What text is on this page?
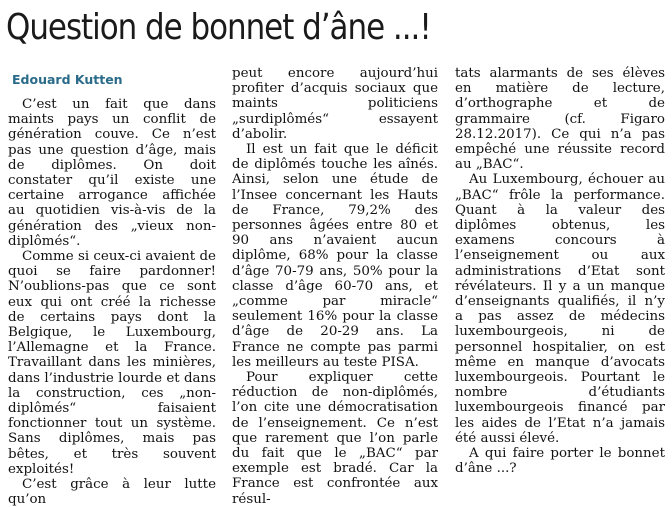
Question de bonnet d’âne ...!
Edouard Kutten

C’est un fait que dans maints pays un conflit de génération couve. Ce n’est pas une question d’âge, mais de diplômes. On doit constater qu’il existe une certaine arrogance affichée au quotidien vis-à-vis de la génération des „vieux non-diplômés“.

Comme si ceux-ci avaient de quoi se faire pardonner! N’oublions-pas que ce sont eux qui ont créé la richesse de certains pays dont la Belgique, le Luxembourg, l’Allemagne et la France. Travaillant dans les minières, dans l’industrie lourde et dans la construction, ces „non-diplômés“ faisaient fonctionner tout un système. Sans diplômes, mais pas bêtes, et très souvent exploités!

C’est grâce à leur lutte qu’on

peut encore aujourd’hui profiter d’acquis sociaux que maints politiciens „surdiplômés“ essayent d’abolir.

Il est un fait que le déficit de diplômés touche les aînés. Ainsi, selon une étude de l’Insee concernant les Hauts de France, 79,2% des personnes âgées entre 80 et 90 ans n’avaient aucun diplôme, 68% pour la classe d’âge 70-79 ans, 50% pour la classe d’âge 60-70 ans, et „comme par miracle“ seulement 16% pour la classe d’âge de 20-29 ans. La France ne compte pas parmi les meilleurs au teste PISA.

Pour expliquer cette réduction de non-diplômés, l’on cite une démocratisation de l’enseignement. Ce n’est que rarement que l’on parle du fait que le „BAC“ par exemple est bradé. Car la France est confrontée aux résul-

tats alarmants de ses élèves en matière de lecture, d’orthographe et de grammaire (cf. Figaro 28.12.2017). Ce qui n’a pas empêché une réussite record au „BAC“.

Au Luxembourg, échouer au „BAC“ frôle la performance. Quant à la valeur des diplômes obtenus, les examens concours à l’enseignement ou aux administrations d’Etat sont révélateurs. Il y a un manque d’enseignants qualifiés, il n’y a pas assez de médecins luxembourgeois, ni de personnel hospitalier, on est même en manque d’avocats luxembourgeois. Pourtant le nombre d’étudiants luxembourgeois financé par les aides de l’Etat n’a jamais été aussi élevé.

A qui faire porter le bonnet d’âne ...?
